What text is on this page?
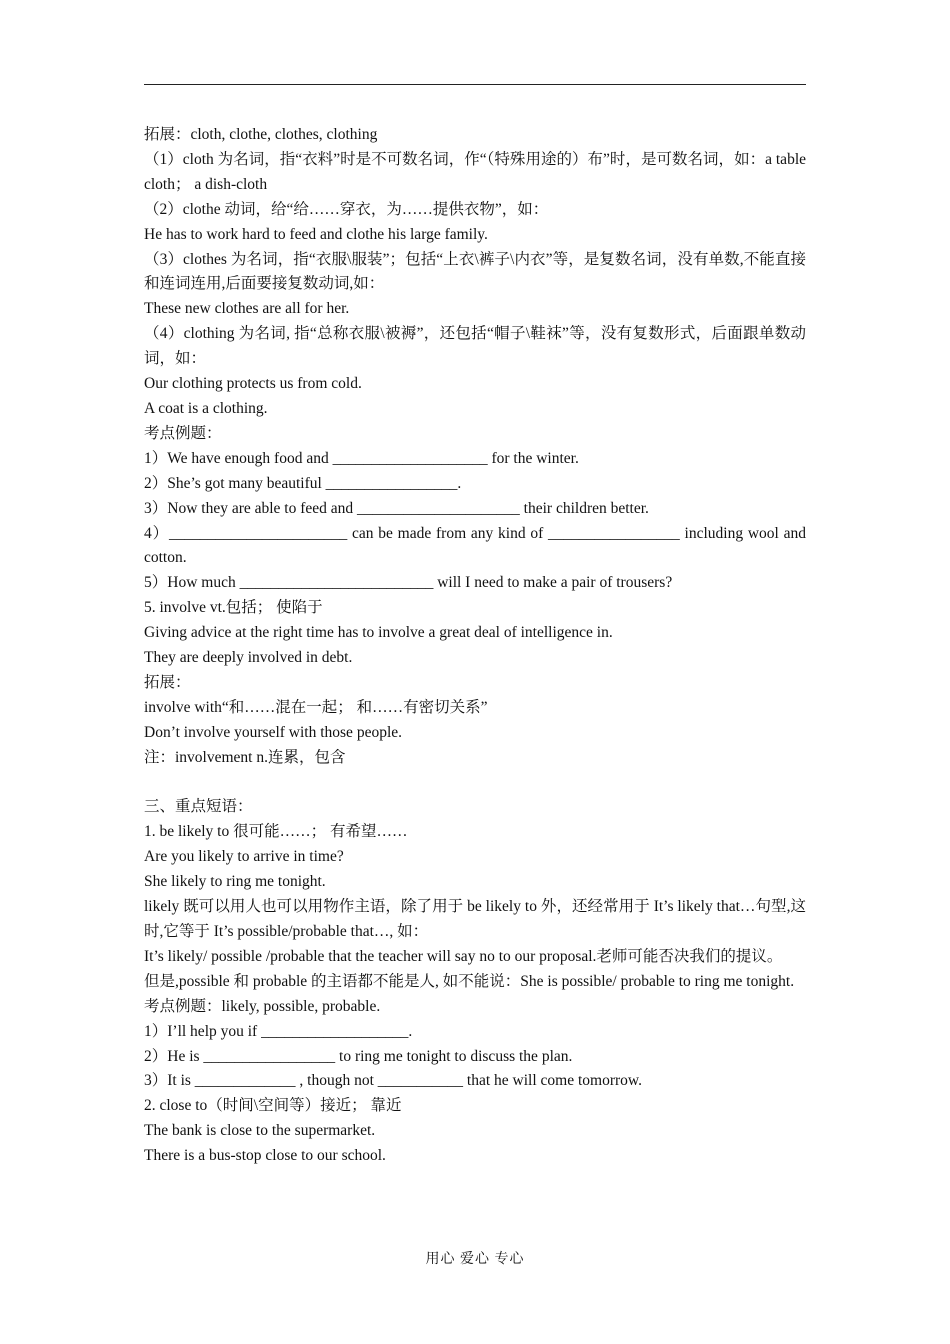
拓展：cloth, clothe, clothes, clothing

（1）cloth 为名词，指“衣料”时是不可数名词，作“（特殊用途的）布”时，是可数名词，如：a table cloth； a dish-cloth

（2）clothe 动词，给“给……穿衣，为……提供衣物”，如：

He has to work hard to feed and clothe his large family.

（3）clothes 为名词，指“衣服\服装”；包括“上衣\裤子\内衣”等，是复数名词，没有单数,不能直接和连词连用,后面要接复数动词,如：

These new clothes are all for her.

（4）clothing 为名词, 指“总称衣服\被褥”，还包括“帽子\鞋袜”等，没有复数形式，后面跟单数动词，如：

Our clothing protects us from cold.

A coat is a clothing.

考点例题：

1）We have enough food and ____________________ for the winter.

2）She’s got many beautiful _________________.

3）Now they are able to feed and _____________________ their children better.

4）_______________________ can be made from any kind of _________________ including wool and cotton.

5）How much _________________________ will I need to make a pair of trousers?

5. involve vt.包括； 使陷于

Giving advice at the right time has to involve a great deal of intelligence in.

They are deeply involved in debt.

拓展：

involve with“和……混在一起； 和……有密切关系”

Don’t involve yourself with those people.

注：involvement n.连累，包含

三、重点短语：

1. be likely to 很可能……； 有希望……

Are you likely to arrive in time?

She likely to ring me tonight.

likely 既可以用人也可以用物作主语，除了用于 be likely to 外，还经常用于 It’s likely that…句型,这时,它等于 It’s possible/probable that…, 如：

It’s likely/ possible /probable that the teacher will say no to our proposal.老师可能否决我们的提议。

但是,possible 和 probable 的主语都不能是人, 如不能说：She is possible/ probable to ring me tonight.

考点例题：likely, possible, probable.

1）I’ll help you if ___________________.

2）He is _________________ to ring me tonight to discuss the plan.

3）It is _____________ , though not ___________ that he will come tomorrow.

2. close to（时间\空间等）接近； 靠近

The bank is close to the supermarket.

There is a bus-stop close to our school.

用心 爱心 专心
